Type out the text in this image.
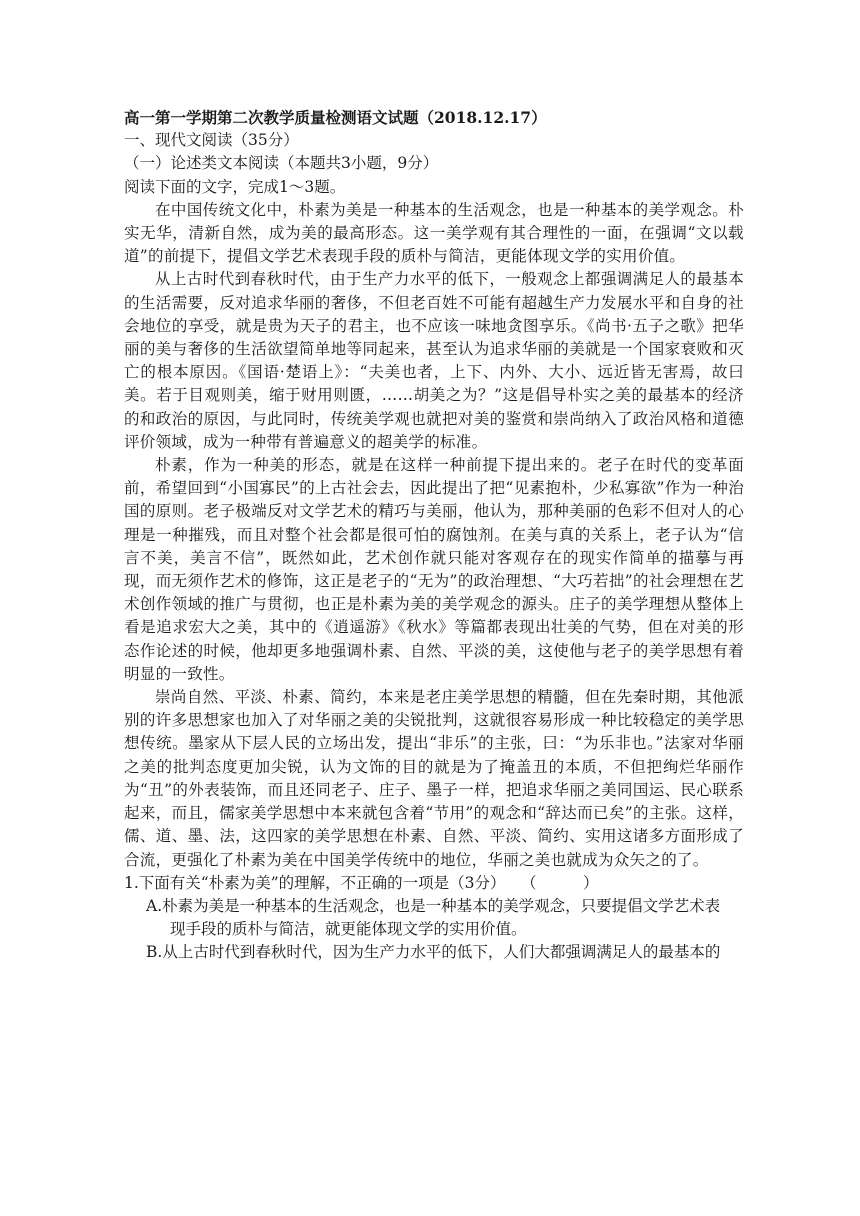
高一第一学期第二次教学质量检测语文试题（2018.12.17）

一、现代文阅读（35分）

（一）论述类文本阅读（本题共3小题，9分）

阅读下面的文字，完成1～3题。

在中国传统文化中，朴素为美是一种基本的生活观念，也是一种基本的美学观念。朴实无华，清新自然，成为美的最高形态。这一美学观有其合理性的一面，在强调“文以载道”的前提下，提倡文学艺术表现手段的质朴与简洁，更能体现文学的实用价值。

从上古时代到春秋时代，由于生产力水平的低下，一般观念上都强调满足人的最基本的生活需要，反对追求华丽的奢侈，不但老百姓不可能有超越生产力发展水平和自身的社会地位的享受，就是贵为天子的君主，也不应该一味地贪图享乐。《尚书·五子之歌》把华丽的美与奢侈的生活欲望简单地等同起来，甚至认为追求华丽的美就是一个国家衰败和灭亡的根本原因。《国语·楚语上》：“夫美也者，上下、内外、大小、远近皆无害焉，故曰美。若于目观则美，缩于财用则匮，……胡美之为？”这是倡导朴实之美的最基本的经济的和政治的原因，与此同时，传统美学观也就把对美的鉴赏和崇尚纳入了政治风格和道德评价领域，成为一种带有普遍意义的超美学的标准。

朴素，作为一种美的形态，就是在这样一种前提下提出来的。老子在时代的变革面前，希望回到“小国寡民”的上古社会去，因此提出了把“见素抱朴，少私寡欲”作为一种治国的原则。老子极端反对文学艺术的精巧与美丽，他认为，那种美丽的色彩不但对人的心理是一种摧残，而且对整个社会都是很可怕的腐蚀剂。在美与真的关系上，老子认为“信言不美，美言不信”，既然如此，艺术创作就只能对客观存在的现实作简单的描摹与再现，而无须作艺术的修饰，这正是老子的“无为”的政治理想、“大巧若拙”的社会理想在艺术创作领域的推广与贯彻，也正是朴素为美的美学观念的源头。庄子的美学理想从整体上看是追求宏大之美，其中的《逍遥游》《秋水》等篇都表现出壮美的气势，但在对美的形态作论述的时候，他却更多地强调朴素、自然、平淡的美，这使他与老子的美学思想有着明显的一致性。

崇尚自然、平淡、朴素、简约，本来是老庄美学思想的精髓，但在先秦时期，其他派别的许多思想家也加入了对华丽之美的尖锐批判，这就很容易形成一种比较稳定的美学思想传统。墨家从下层人民的立场出发，提出“非乐”的主张，曰：“为乐非也。”法家对华丽之美的批判态度更加尖锐，认为文饰的目的就是为了掩盖丑的本质，不但把绚烂华丽作为“丑”的外表装饰，而且还同老子、庄子、墨子一样，把追求华丽之美同国运、民心联系起来，而且，儒家美学思想中本来就包含着“节用”的观念和“辞达而已矣”的主张。这样，儒、道、墨、法，这四家的美学思想在朴素、自然、平淡、简约、实用这诸多方面形成了合流，更强化了朴素为美在中国美学传统中的地位，华丽之美也就成为众矢之的了。

1.下面有关“朴素为美”的理解，不正确的一项是（3分）　　（　　　）

A.朴素为美是一种基本的生活观念，也是一种基本的美学观念，只要提倡文学艺术表

现手段的质朴与简洁，就更能体现文学的实用价值。

B.从上古时代到春秋时代，因为生产力水平的低下，人们大都强调满足人的最基本的
